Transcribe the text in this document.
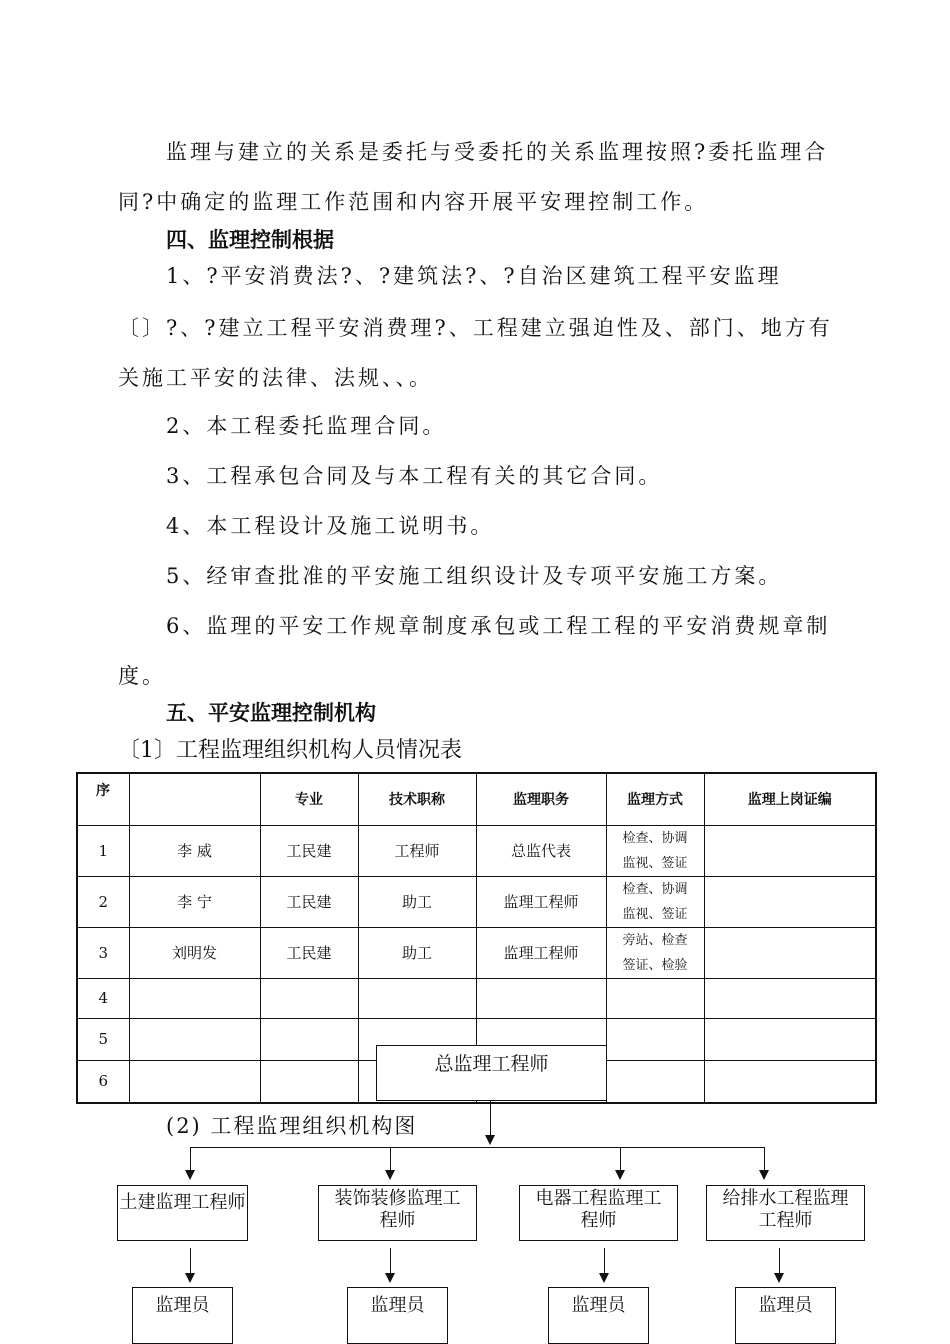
监理与建立的关系是委托与受委托的关系监理按照?委托监理合
同?中确定的监理工作范围和内容开展平安理控制工作。
四、监理控制根据
1、?平安消费法?、?建筑法?、?自治区建筑工程平安监理
〔〕?、?建立工程平安消费理?、工程建立强迫性及、部门、地方有
关施工平安的法律、法规、、。
2、本工程委托监理合同。
3、工程承包合同及与本工程有关的其它合同。
4、本工程设计及施工说明书。
5、经审查批准的平安施工组织设计及专项平安施工方案。
6、监理的平安工作规章制度承包或工程工程的平安消费规章制
度。
五、平安监理控制机构
〔1〕工程监理组织机构人员情况表
序		专业	技术职称	监理职务	监理方式	监理上岗证编
1	李 威	工民建	工程师	总监代表	检查、协调
监视、签证	

2	李 宁	工民建	助工	监理工程师	检查、协调
监视、签证	

3	刘明发	工民建	助工	监理工程师	旁站、检查
签证、检验	

4					

5					

6					

总监理工程师
(2) 工程监理组织机构图
土建监理工程师	装饰装修监理工
程师
电器工程监理工
程师
给排水工程监理
工程师
监理员	监理员	监理员	监理员
